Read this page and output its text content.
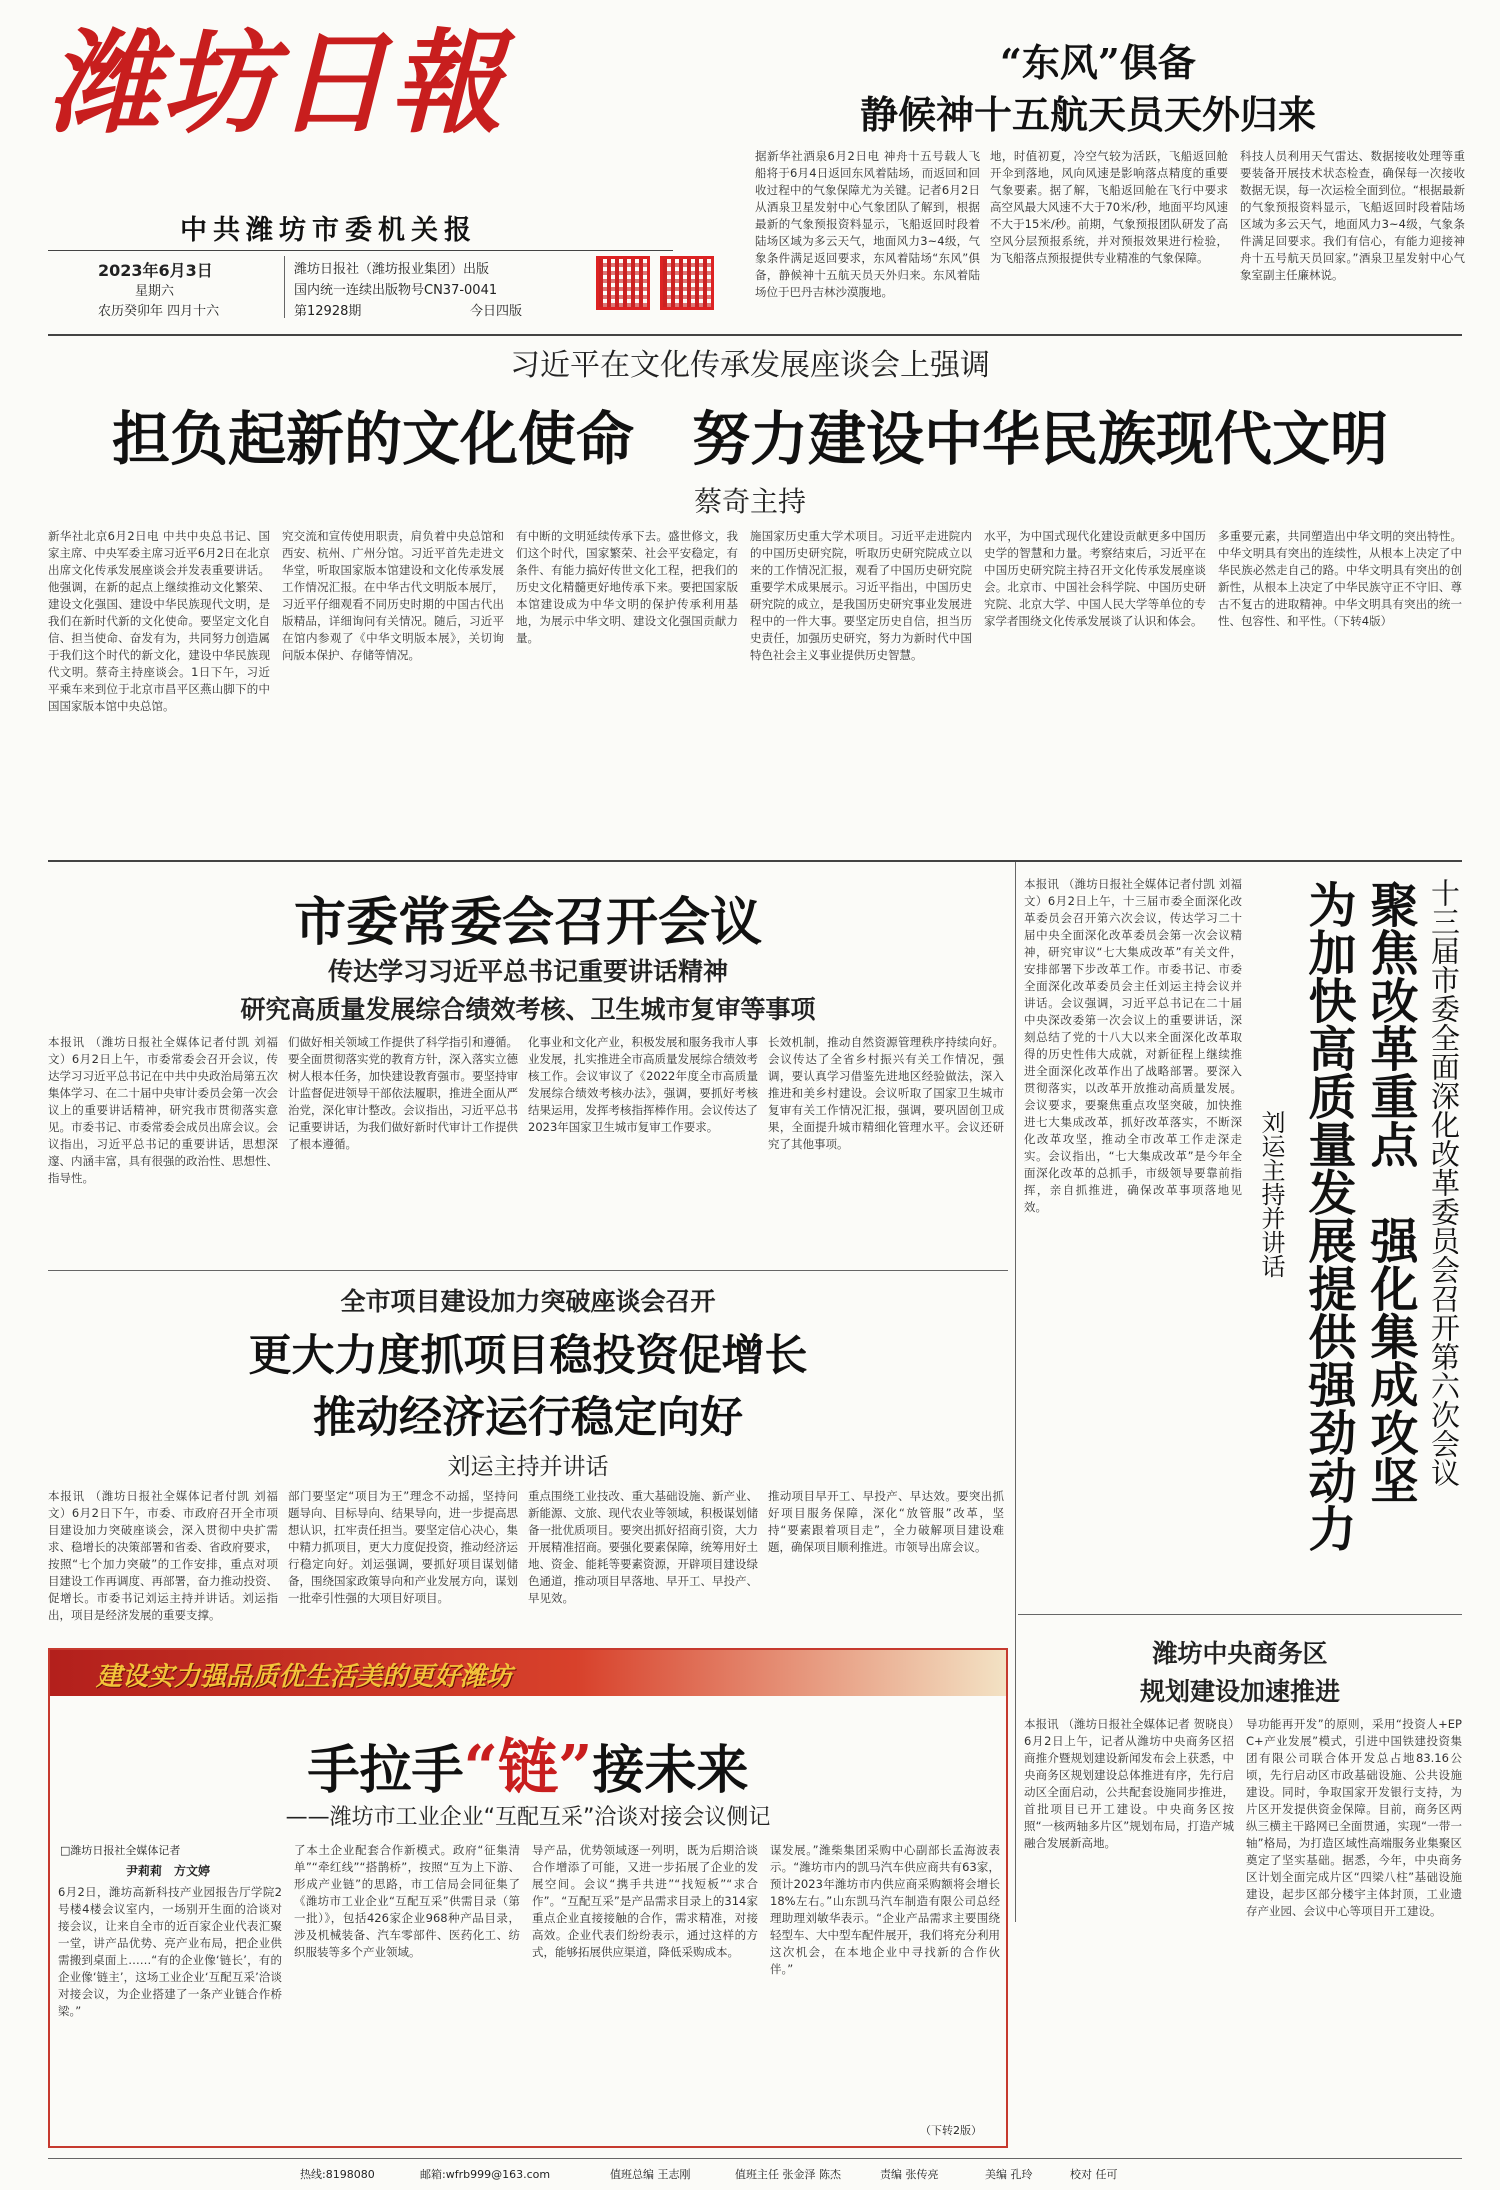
潍坊日報
中共潍坊市委机关报
2023年6月3日
星期六
农历癸卯年 四月十六
潍坊日报社（潍坊报业集团）出版
国内统一连续出版物号CN37-0041
第12928期	今日四版
“东风”俱备
静候神十五航天员天外归来
据新华社酒泉6月2日电 神舟十五号载人飞船将于6月4日返回东风着陆场，而返回和回收过程中的气象保障尤为关键。记者6月2日从酒泉卫星发射中心气象团队了解到，根据最新的气象预报资料显示，飞船返回时段着陆场区域为多云天气，地面风力3~4级，气象条件满足返回要求，东风着陆场“东风”俱备，静候神十五航天员天外归来。东风着陆场位于巴丹吉林沙漠腹地。
地，时值初夏，冷空气较为活跃，飞船返回舱开伞到落地，风向风速是影响落点精度的重要气象要素。据了解，飞船返回舱在飞行中要求高空风最大风速不大于70米/秒，地面平均风速不大于15米/秒。前期，气象预报团队研发了高空风分层预报系统，并对预报效果进行检验，为飞船落点预报提供专业精准的气象保障。
科技人员利用天气雷达、数据接收处理等重要装备开展技术状态检查，确保每一次接收数据无误，每一次运检全面到位。“根据最新的气象预报资料显示，飞船返回时段着陆场区域为多云天气，地面风力3~4级，气象条件满足回要求。我们有信心，有能力迎接神舟十五号航天员回家。”酒泉卫星发射中心气象室副主任廉林说。
习近平在文化传承发展座谈会上强调
担负起新的文化使命　努力建设中华民族现代文明
蔡奇主持
新华社北京6月2日电 中共中央总书记、国家主席、中央军委主席习近平6月2日在北京出席文化传承发展座谈会并发表重要讲话。他强调，在新的起点上继续推动文化繁荣、建设文化强国、建设中华民族现代文明，是我们在新时代新的文化使命。要坚定文化自信、担当使命、奋发有为，共同努力创造属于我们这个时代的新文化，建设中华民族现代文明。蔡奇主持座谈会。1日下午，习近平乘车来到位于北京市昌平区燕山脚下的中国国家版本馆中央总馆。
究交流和宣传使用职责，肩负着中央总馆和西安、杭州、广州分馆。习近平首先走进文华堂，听取国家版本馆建设和文化传承发展工作情况汇报。在中华古代文明版本展厅，习近平仔细观看不同历史时期的中国古代出版精品，详细询问有关情况。随后，习近平在馆内参观了《中华文明版本展》，关切询问版本保护、存储等情况。
有中断的文明延续传承下去。盛世修文，我们这个时代，国家繁荣、社会平安稳定，有条件、有能力搞好传世文化工程，把我们的历史文化精髓更好地传承下来。要把国家版本馆建设成为中华文明的保护传承利用基地，为展示中华文明、建设文化强国贡献力量。
施国家历史重大学术项目。习近平走进院内的中国历史研究院，听取历史研究院成立以来的工作情况汇报，观看了中国历史研究院重要学术成果展示。习近平指出，中国历史研究院的成立，是我国历史研究事业发展进程中的一件大事。要坚定历史自信，担当历史责任，加强历史研究，努力为新时代中国特色社会主义事业提供历史智慧。
水平，为中国式现代化建设贡献更多中国历史学的智慧和力量。考察结束后，习近平在中国历史研究院主持召开文化传承发展座谈会。北京市、中国社会科学院、中国历史研究院、北京大学、中国人民大学等单位的专家学者围绕文化传承发展谈了认识和体会。
多重要元素，共同塑造出中华文明的突出特性。中华文明具有突出的连续性，从根本上决定了中华民族必然走自己的路。中华文明具有突出的创新性，从根本上决定了中华民族守正不守旧、尊古不复古的进取精神。中华文明具有突出的统一性、包容性、和平性。（下转4版）
市委常委会召开会议
传达学习习近平总书记重要讲话精神
研究高质量发展综合绩效考核、卫生城市复审等事项
本报讯 （潍坊日报社全媒体记者付凯 刘福文）6月2日上午，市委常委会召开会议，传达学习习近平总书记在中共中央政治局第五次集体学习、在二十届中央审计委员会第一次会议上的重要讲话精神，研究我市贯彻落实意见。市委书记、市委常委会成员出席会议。会议指出，习近平总书记的重要讲话，思想深邃、内涵丰富，具有很强的政治性、思想性、指导性。
们做好相关领域工作提供了科学指引和遵循。要全面贯彻落实党的教育方针，深入落实立德树人根本任务，加快建设教育强市。要坚持审计监督促进领导干部依法履职，推进全面从严治党，深化审计整改。会议指出，习近平总书记重要讲话，为我们做好新时代审计工作提供了根本遵循。
化事业和文化产业，积极发展和服务我市人事业发展，扎实推进全市高质量发展综合绩效考核工作。会议审议了《2022年度全市高质量发展综合绩效考核办法》，强调，要抓好考核结果运用，发挥考核指挥棒作用。会议传达了2023年国家卫生城市复审工作要求。
长效机制，推动自然资源管理秩序持续向好。会议传达了全省乡村振兴有关工作情况，强调，要认真学习借鉴先进地区经验做法，深入推进和美乡村建设。会议听取了国家卫生城市复审有关工作情况汇报，强调，要巩固创卫成果，全面提升城市精细化管理水平。会议还研究了其他事项。
全市项目建设加力突破座谈会召开
更大力度抓项目稳投资促增长
推动经济运行稳定向好
刘运主持并讲话
本报讯 （潍坊日报社全媒体记者付凯 刘福文）6月2日下午，市委、市政府召开全市项目建设加力突破座谈会，深入贯彻中央扩需求、稳增长的决策部署和省委、省政府要求，按照“七个加力突破”的工作安排，重点对项目建设工作再调度、再部署，奋力推动投资、促增长。市委书记刘运主持并讲话。刘运指出，项目是经济发展的重要支撑。
部门要坚定“项目为王”理念不动摇，坚持问题导向、目标导向、结果导向，进一步提高思想认识，扛牢责任担当。要坚定信心决心，集中精力抓项目，更大力度促投资，推动经济运行稳定向好。刘运强调，要抓好项目谋划储备，围绕国家政策导向和产业发展方向，谋划一批牵引性强的大项目好项目。
重点围绕工业技改、重大基础设施、新产业、新能源、文旅、现代农业等领域，积极谋划储备一批优质项目。要突出抓好招商引资，大力开展精准招商。要强化要素保障，统筹用好土地、资金、能耗等要素资源，开辟项目建设绿色通道，推动项目早落地、早开工、早投产、早见效。
推动项目早开工、早投产、早达效。要突出抓好项目服务保障，深化“放管服”改革，坚持“要素跟着项目走”，全力破解项目建设难题，确保项目顺利推进。市领导出席会议。
本报讯 （潍坊日报社全媒体记者付凯 刘福文）6月2日上午，十三届市委全面深化改革委员会召开第六次会议，传达学习二十届中央全面深化改革委员会第一次会议精神，研究审议“七大集成改革”有关文件，安排部署下步改革工作。市委书记、市委全面深化改革委员会主任刘运主持会议并讲话。会议强调，习近平总书记在二十届中央深改委第一次会议上的重要讲话，深刻总结了党的十八大以来全面深化改革取得的历史性伟大成就，对新征程上继续推进全面深化改革作出了战略部署。要深入贯彻落实，以改革开放推动高质量发展。会议要求，要聚焦重点攻坚突破，加快推进七大集成改革，抓好改革落实，不断深化改革攻坚，推动全市改革工作走深走实。会议指出，“七大集成改革”是今年全面深化改革的总抓手，市级领导要靠前指挥，亲自抓推进，确保改革事项落地见效。	十三届市委全面深化改革委员会召开第六次会议
聚焦改革重点　强化集成攻坚
为加快高质量发展提供强劲动力
刘运主持并讲话
潍坊中央商务区
规划建设加速推进
本报讯 （潍坊日报社全媒体记者 贺晓良）6月2日上午，记者从潍坊中央商务区招商推介暨规划建设新闻发布会上获悉，中央商务区规划建设总体推进有序，先行启动区全面启动，公共配套设施同步推进，首批项目已开工建设。中央商务区按照“一核两轴多片区”规划布局，打造产城融合发展新高地。
导功能再开发”的原则，采用“投资人+EPC+产业发展”模式，引进中国铁建投资集团有限公司联合体开发总占地83.16公顷，先行启动区市政基础设施、公共设施建设。同时，争取国家开发银行支持，为片区开发提供资金保障。目前，商务区两纵三横主干路网已全面贯通，实现“一带一轴”格局，为打造区域性高端服务业集聚区奠定了坚实基础。据悉，今年，中央商务区计划全面完成片区“四梁八柱”基础设施建设，起步区部分楼宇主体封顶，工业遗存产业园、会议中心等项目开工建设。
建设实力强品质优生活美的更好潍坊
手拉手“链”接未来
——潍坊市工业企业“互配互采”洽谈对接会议侧记
□潍坊日报社全媒体记者
尹莉莉　方文婷
6月2日，潍坊高新科技产业园报告厅学院2号楼4楼会议室内，一场别开生面的洽谈对接会议，让来自全市的近百家企业代表汇聚一堂，讲产品优势、亮产业布局，把企业供需搬到桌面上……“有的企业像‘链长’，有的企业像‘链主’，这场工业企业‘互配互采’洽谈对接会议，为企业搭建了一条产业链合作桥梁。”
了本土企业配套合作新模式。政府“征集清单”“牵红线”“搭鹊桥”，按照“互为上下游、形成产业链”的思路，市工信局会同征集了《潍坊市工业企业“互配互采”供需目录（第一批）》，包括426家企业968种产品目录，涉及机械装备、汽车零部件、医药化工、纺织服装等多个产业领域。
导产品，优势领域逐一列明，既为后期洽谈合作增添了可能，又进一步拓展了企业的发展空间。会议“携手共进”“找短板”“求合作”。“互配互采”是产品需求目录上的314家重点企业直接接触的合作，需求精准，对接高效。企业代表们纷纷表示，通过这样的方式，能够拓展供应渠道，降低采购成本。
谋发展。”潍柴集团采购中心副部长孟海波表示。“潍坊市内的凯马汽车供应商共有63家，预计2023年潍坊市内供应商采购额将会增长18%左右。”山东凯马汽车制造有限公司总经理助理刘敏华表示。“企业产品需求主要围绕轻型车、大中型车配件展开，我们将充分利用这次机会，在本地企业中寻找新的合作伙伴。”
（下转2版）
热线:8198080	邮箱:wfrb999@163.com	值班总编 王志刚	值班主任 张金泽 陈杰	责编 张传亮	美编 孔玲	校对 任可
